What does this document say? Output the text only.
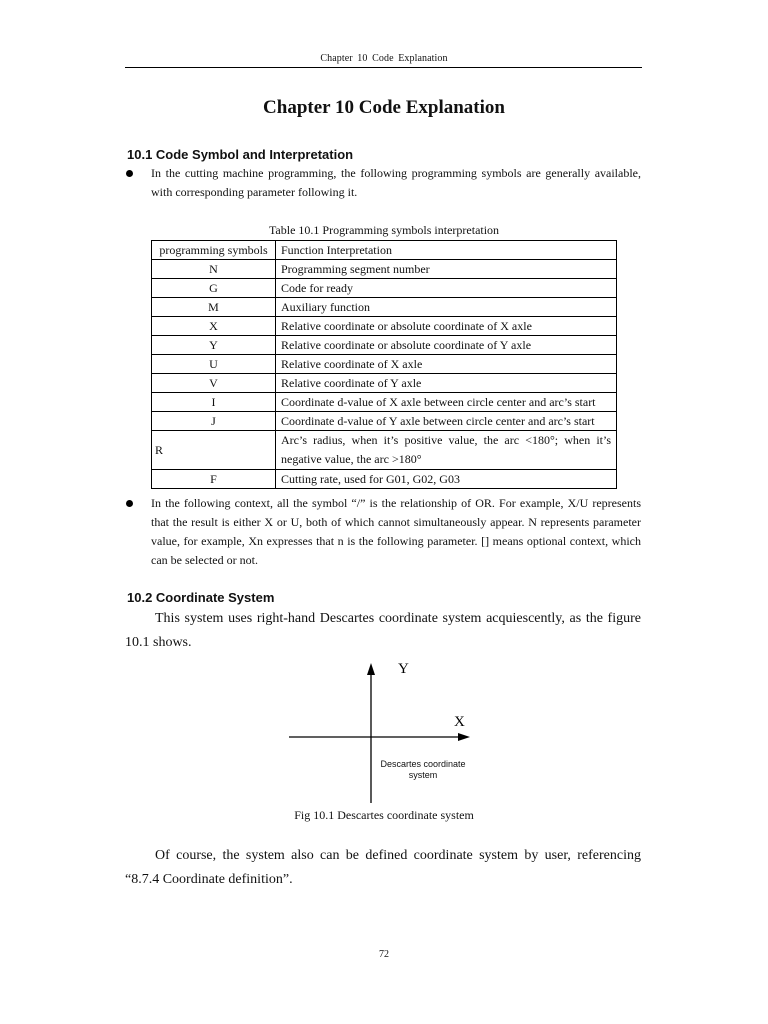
Chapter 10 Code Explanation
Chapter 10 Code Explanation
10.1 Code Symbol and Interpretation
In the cutting machine programming, the following programming symbols are generally available, with corresponding parameter following it.
Table 10.1 Programming symbols interpretation
programming symbols	Function Interpretation
N	Programming segment number
G	Code for ready
M	Auxiliary function
X	Relative coordinate or absolute coordinate of X axle
Y	Relative coordinate or absolute coordinate of Y axle
U	Relative coordinate of X axle
V	Relative coordinate of Y axle
I	Coordinate d-value of X axle between circle center and arc’s start
J	Coordinate d-value of Y axle between circle center and arc’s start
R	Arc’s radius, when it’s positive value, the arc <180°; when it’s negative value, the arc >180°
F	Cutting rate, used for G01, G02, G03
In the following context, all the symbol “/” is the relationship of OR. For example, X/U represents that the result is either X or U, both of which cannot simultaneously appear. N represents parameter value, for example, Xn expresses that n is the following parameter. [] means optional context, which can be selected or not.
10.2 Coordinate System
This system uses right-hand Descartes coordinate system acquiescently, as the figure 10.1 shows.
Y
X
Descartes coordinate system
Fig 10.1 Descartes coordinate system
Of course, the system also can be defined coordinate system by user, referencing “8.7.4 Coordinate definition”.
72
